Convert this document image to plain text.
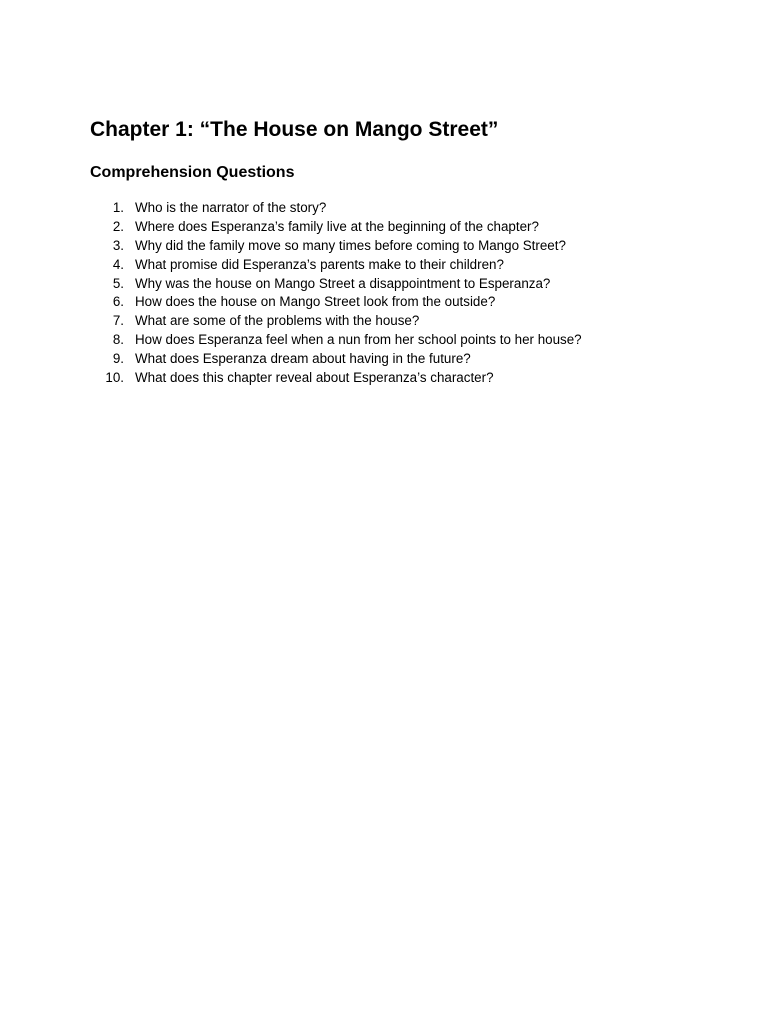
Chapter 1: “The House on Mango Street”
Comprehension Questions
1. Who is the narrator of the story?
2. Where does Esperanza’s family live at the beginning of the chapter?
3. Why did the family move so many times before coming to Mango Street?
4. What promise did Esperanza’s parents make to their children?
5. Why was the house on Mango Street a disappointment to Esperanza?
6. How does the house on Mango Street look from the outside?
7. What are some of the problems with the house?
8. How does Esperanza feel when a nun from her school points to her house?
9. What does Esperanza dream about having in the future?
10. What does this chapter reveal about Esperanza’s character?
